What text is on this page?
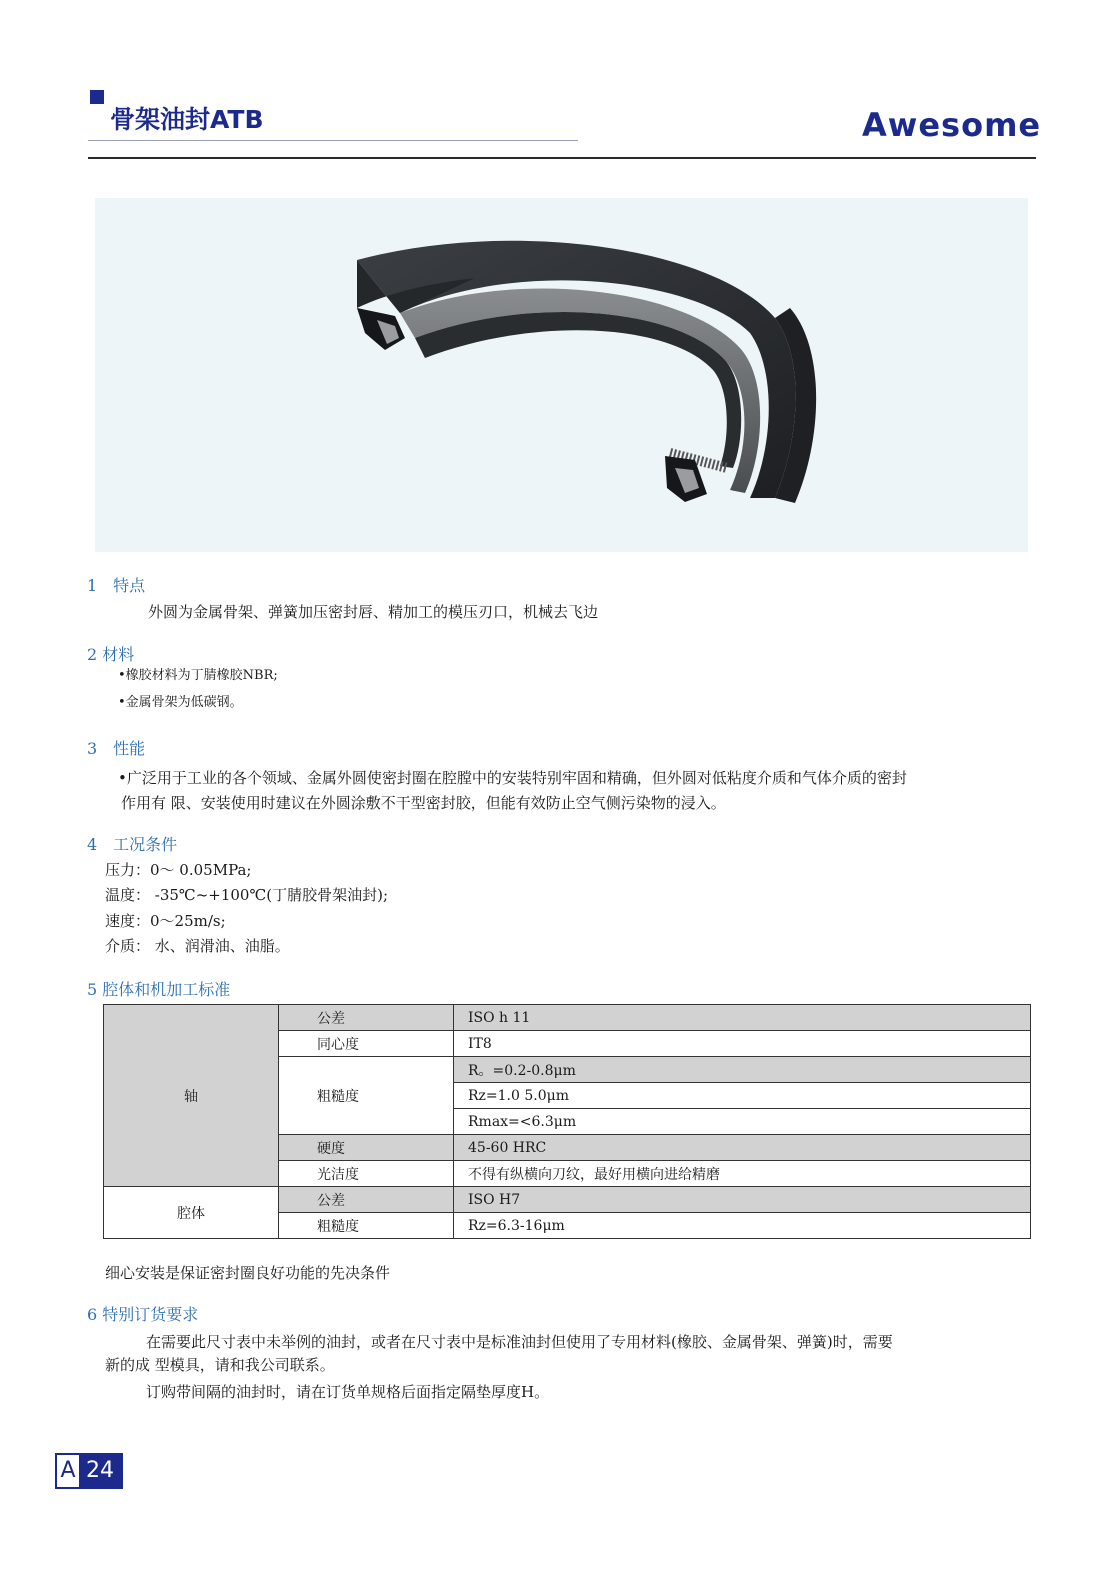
骨架油封ATB	Awesome
1　特点
外圆为金属骨架、弹簧加压密封唇、精加工的模压刃口，机械去飞边
2 材料
•橡胶材料为丁腈橡胶NBR;
•金属骨架为低碳钢。
3　性能
•广泛用于工业的各个领域、金属外圆使密封圈在腔膛中的安装特别牢固和精确，但外圆对低粘度介质和气体介质的密封
作用有 限、安装使用时建议在外圆涂敷不干型密封胶，但能有效防止空气侧污染物的浸入。
4　工况条件
压力：0～ 0.05MPa;
温度： -35℃~+100℃(丁腈胶骨架油封);
速度：0～25m/s;
介质： 水、润滑油、油脂。
5 腔体和机加工标准
轴	公差	ISO h 11
	同心度	IT8
	粗糙度	R。=0.2-0.8μm
		Rz=1.0 5.0μm
		Rmax=<6.3μm
	硬度	45-60 HRC
	光洁度	不得有纵横向刀纹，最好用横向进给精磨
腔体	公差	ISO H7
	粗糙度	Rz=6.3-16μm
细心安装是保证密封圈良好功能的先决条件
6 特别订货要求
在需要此尺寸表中未举例的油封，或者在尺寸表中是标准油封但使用了专用材料(橡胶、金属骨架、弹簧)时，需要
新的成 型模具，请和我公司联系。
订购带间隔的油封时，请在订货单规格后面指定隔垫厚度H。
A 24
